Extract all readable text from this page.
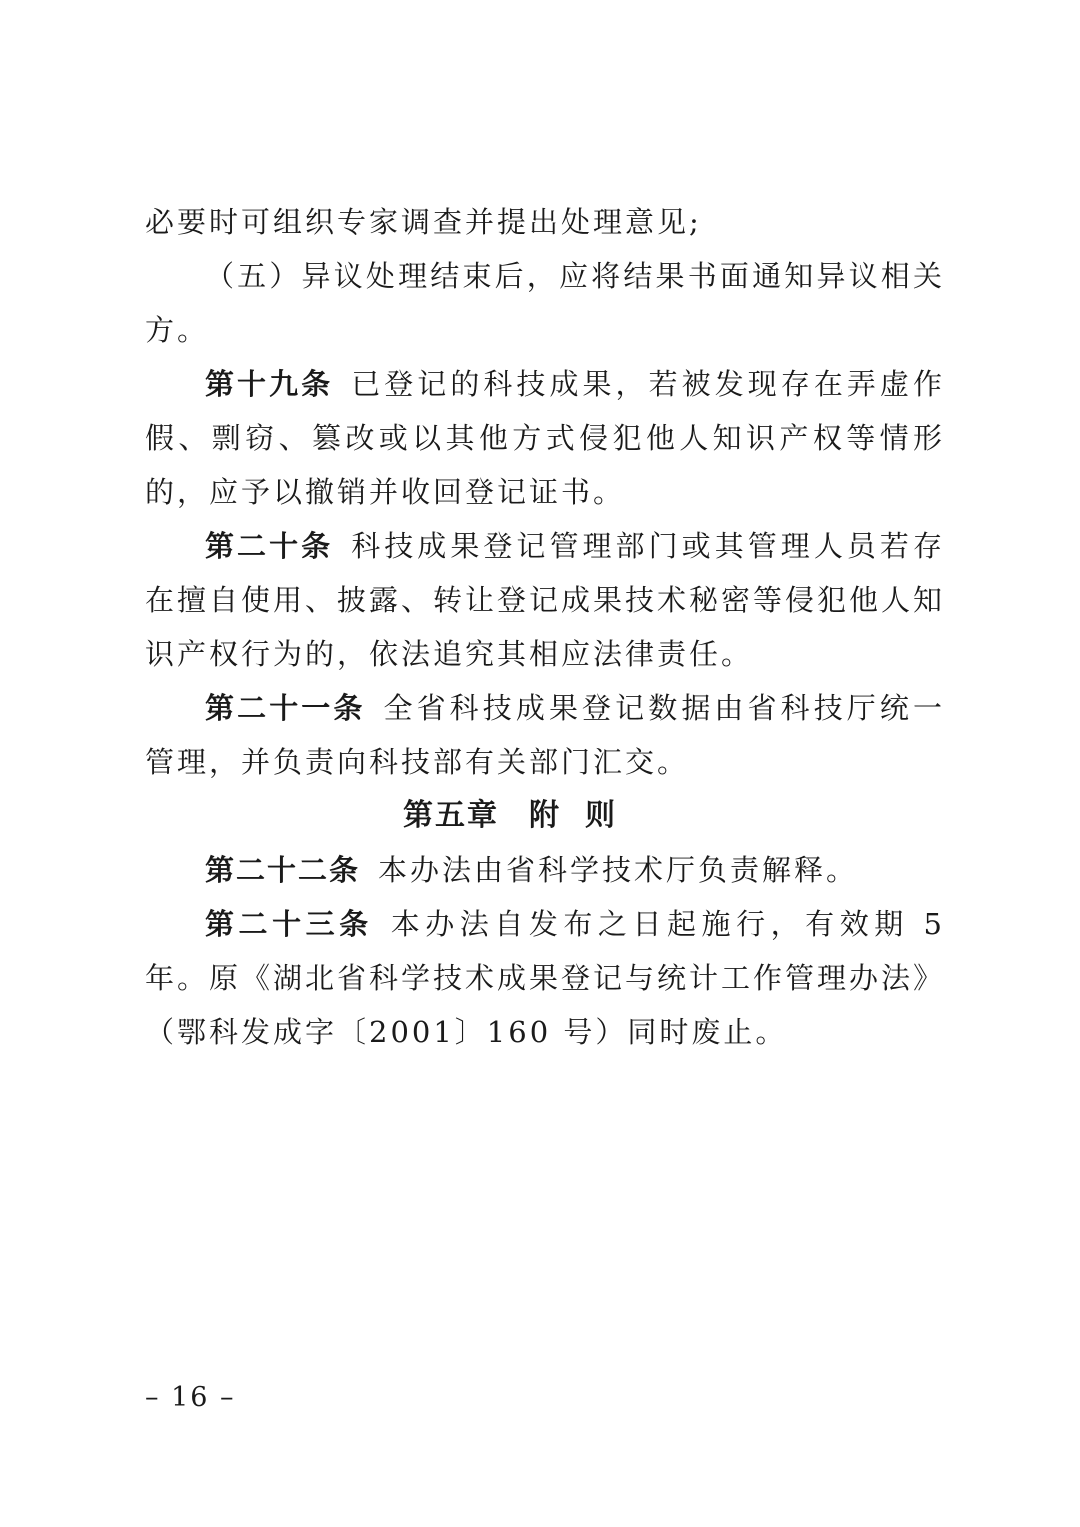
必要时可组织专家调查并提出处理意见;

（五）异议处理结束后，应将结果书面通知异议相关方。

第十九条 已登记的科技成果，若被发现存在弄虚作假、剽窃、篡改或以其他方式侵犯他人知识产权等情形的，应予以撤销并收回登记证书。

第二十条 科技成果登记管理部门或其管理人员若存在擅自使用、披露、转让登记成果技术秘密等侵犯他人知识产权行为的，依法追究其相应法律责任。

第二十一条 全省科技成果登记数据由省科技厅统一管理，并负责向科技部有关部门汇交。

第五章 附 则

第二十二条 本办法由省科学技术厅负责解释。

第二十三条 本办法自发布之日起施行，有效期 5 年。原《湖北省科学技术成果登记与统计工作管理办法》（鄂科发成字〔2001〕160 号）同时废止。

– 16 –
